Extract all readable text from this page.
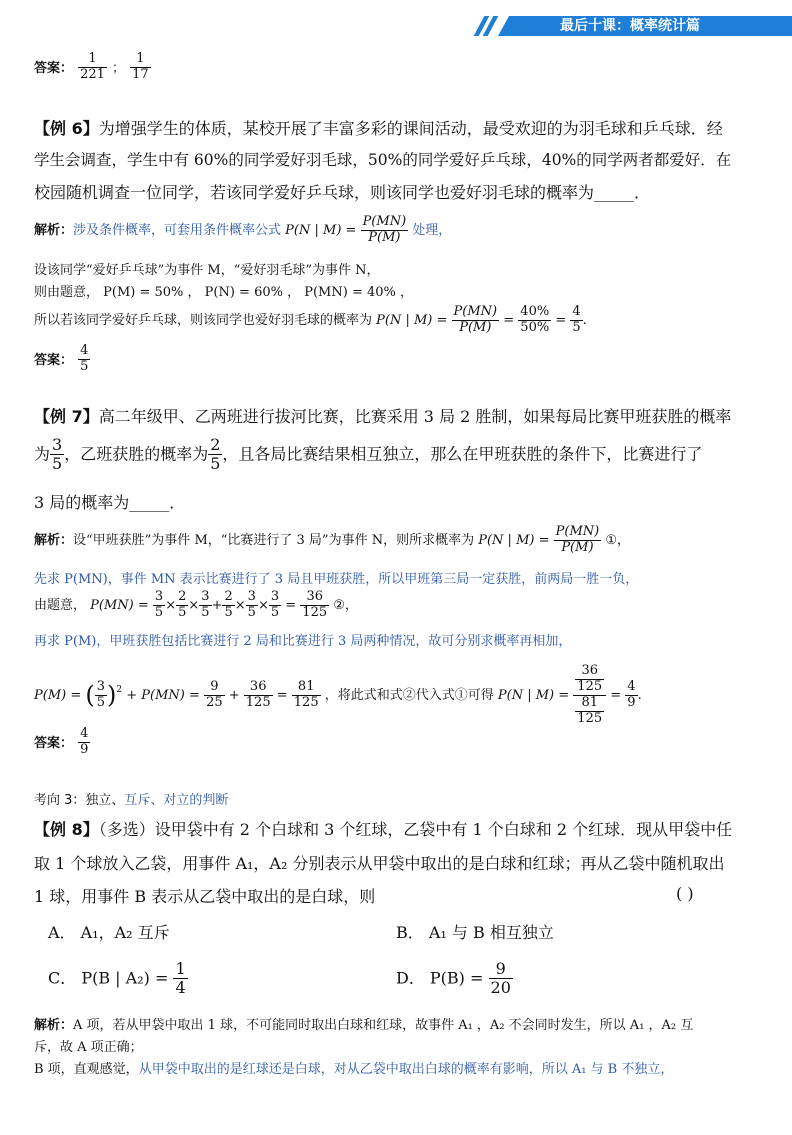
最后十课：概率统计篇
答案： $\frac{1}{221}$ ； $\frac{1}{17}$
【例 6】为增强学生的体质，某校开展了丰富多彩的课间活动，最受欢迎的为羽毛球和乒乓球．经
学生会调查，学生中有 60%的同学爱好羽毛球，50%的同学爱好乒乓球，40%的同学两者都爱好．在
校园随机调查一位同学，若该同学爱好乒乓球，则该同学也爱好羽毛球的概率为_____．
解析：涉及条件概率，可套用条件概率公式 P(N | $M) = \frac{P(MN)}{P(M)}$ 处理，
设该同学“爱好乒乓球”为事件 M，“爱好羽毛球”为事件 N，
则由题意， P(M) = 50% ， P(N) = 60% ， P(MN) = 40% ，
所以若该同学爱好乒乓球，则该同学也爱好羽毛球的概率为 P(N | $M) = \frac{P(MN)}{P(M)} = \frac{40\%}{50\%} = \frac{4}{5}$ .
答案： $\frac{4}{5}$
【例 7】高二年级甲、乙两班进行拔河比赛，比赛采用 3 局 2 胜制，如果每局比赛甲班获胜的概率
为 $\frac{3}{5}$ ，乙班获胜的概率为 $\frac{2}{5}$ ，且各局比赛结果相互独立，那么在甲班获胜的条件下，比赛进行了
3 局的概率为_____．
解析：设“甲班获胜”为事件 M，“比赛进行了 3 局”为事件 N，则所求概率为 P(N | $M) = \frac{P(MN)}{P(M)}$ ①，
先求 P(MN)，事件 MN 表示比赛进行了 3 局且甲班获胜，所以甲班第三局一定获胜，前两局一胜一负，
由题意， $P(MN) = \frac{3}{5} \times \frac{2}{5} \times \frac{3}{5} + \frac{2}{5} \times \frac{3}{5} \times \frac{3}{5} = \frac{36}{125}$ ②，
再求 P(M)，甲班获胜包括比赛进行 2 局和比赛进行 3 局两种情况，故可分别求概率再相加，
P(M) = ( $\frac{3}{5} )^2 + P(MN) = \frac{9}{25} + \frac{36}{125} = \frac{81}{125}$ ，将此式和式②代入式①可得 P(N | $M) = \frac{\frac{36}{125}}{\frac{81}{125}} = \frac{4}{9}$ .
答案： $\frac{4}{9}$
考向 3：独立、互斥、对立的判断
【例 8】（多选）设甲袋中有 2 个白球和 3 个红球，乙袋中有 1 个白球和 2 个红球．现从甲袋中任
取 1 个球放入乙袋，用事件 A₁，A₂ 分别表示从甲袋中取出的是白球和红球；再从乙袋中随机取出
1 球，用事件 B 表示从乙袋中取出的是白球，则	( )
A． A₁，A₂ 互斥	B． A₁ 与 B 相互独立
C． P(B | $A_2) = \frac{1}{4}$	D． $P(B) = \frac{9}{20}$
解析：A 项，若从甲袋中取出 1 球，不可能同时取出白球和红球，故事件 A₁ ，A₂ 不会同时发生，所以 A₁ ，A₂ 互
斥，故 A 项正确；
B 项，直观感觉，从甲袋中取出的是红球还是白球，对从乙袋中取出白球的概率有影响，所以 A₁ 与 B 不独立，
